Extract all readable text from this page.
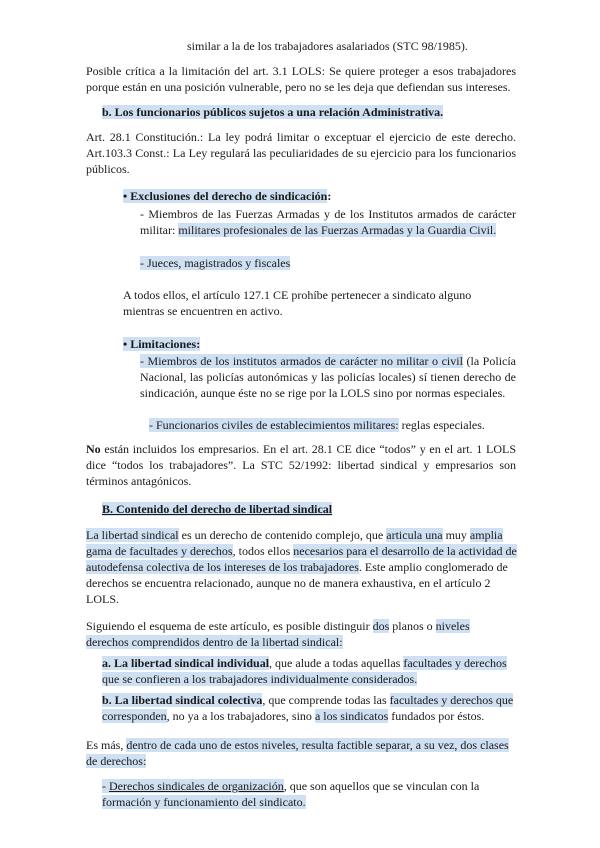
similar a la de los trabajadores asalariados (STC 98/1985).

Posible crítica a la limitación del art. 3.1 LOLS: Se quiere proteger a esos trabajadores porque están en una posición vulnerable, pero no se les deja que defiendan sus intereses.

b. Los funcionarios públicos sujetos a una relación Administrativa.

Art. 28.1 Constitución.: La ley podrá limitar o exceptuar el ejercicio de este derecho. Art.103.3 Const.: La Ley regulará las peculiaridades de su ejercicio para los funcionarios públicos.

• Exclusiones del derecho de sindicación:

- Miembros de las Fuerzas Armadas y de los Institutos armados de carácter militar: militares profesionales de las Fuerzas Armadas y la Guardia Civil.

- Jueces, magistrados y fiscales

A todos ellos, el artículo 127.1 CE prohíbe pertenecer a sindicato alguno mientras se encuentren en activo.

• Limitaciones:

- Miembros de los institutos armados de carácter no militar o civil (la Policía Nacional, las policías autonómicas y las policías locales) sí tienen derecho de sindicación, aunque éste no se rige por la LOLS sino por normas especiales.

- Funcionarios civiles de establecimientos militares: reglas especiales.

No están incluidos los empresarios. En el art. 28.1 CE dice “todos” y en el art. 1 LOLS dice “todos los trabajadores”. La STC 52/1992: libertad sindical y empresarios son términos antagónicos.

B. Contenido del derecho de libertad sindical

La libertad sindical es un derecho de contenido complejo, que articula una muy amplia gama de facultades y derechos, todos ellos necesarios para el desarrollo de la actividad de autodefensa colectiva de los intereses de los trabajadores. Este amplio conglomerado de derechos se encuentra relacionado, aunque no de manera exhaustiva, en el artículo 2 LOLS.

Siguiendo el esquema de este artículo, es posible distinguir dos planos o niveles derechos comprendidos dentro de la libertad sindical:

a. La libertad sindical individual, que alude a todas aquellas facultades y derechos que se confieren a los trabajadores individualmente considerados.

b. La libertad sindical colectiva, que comprende todas las facultades y derechos que corresponden, no ya a los trabajadores, sino a los sindicatos fundados por éstos.

Es más, dentro de cada uno de estos niveles, resulta factible separar, a su vez, dos clases de derechos:

- Derechos sindicales de organización, que son aquellos que se vinculan con la formación y funcionamiento del sindicato.
